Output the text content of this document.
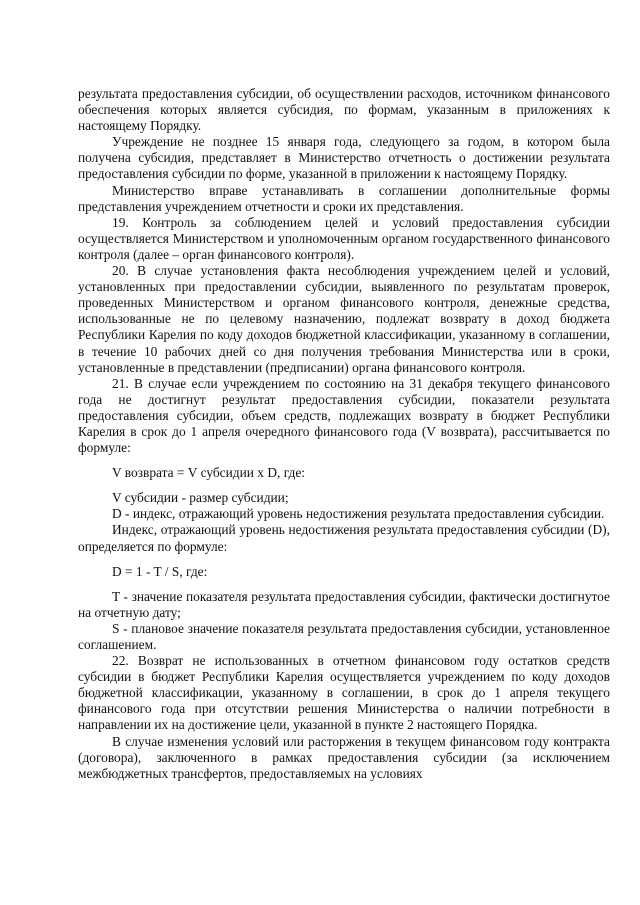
результата предоставления субсидии, об осуществлении расходов, источником финансового обеспечения которых является субсидия, по формам, указанным в приложениях к настоящему Порядку.

Учреждение не позднее 15 января года, следующего за годом, в котором была получена субсидия, представляет в Министерство отчетность о достижении результата предоставления субсидии по форме, указанной в приложении к настоящему Порядку.

Министерство вправе устанавливать в соглашении дополнительные формы представления учреждением отчетности и сроки их представления.

19. Контроль за соблюдением целей и условий предоставления субсидии осуществляется Министерством и уполномоченным органом государственного финансового контроля (далее – орган финансового контроля).

20. В случае установления факта несоблюдения учреждением целей и условий, установленных при предоставлении субсидии, выявленного по результатам проверок, проведенных Министерством и органом финансового контроля, денежные средства, использованные не по целевому назначению, подлежат возврату в доход бюджета Республики Карелия по коду доходов бюджетной классификации, указанному в соглашении, в течение 10 рабочих дней со дня получения требования Министерства или в сроки, установленные в представлении (предписании) органа финансового контроля.

21. В случае если учреждением по состоянию на 31 декабря текущего финансового года не достигнут результат предоставления субсидии, показатели результата предоставления субсидии, объем средств, подлежащих возврату в бюджет Республики Карелия в срок до 1 апреля очередного финансового года (V возврата), рассчитывается по формуле:

V возврата = V субсидии x D, где:

V субсидии - размер субсидии;

D - индекс, отражающий уровень недостижения результата предоставления субсидии.

Индекс, отражающий уровень недостижения результата предоставления субсидии (D), определяется по формуле:

D = 1 - T / S, где:

T - значение показателя результата предоставления субсидии, фактически достигнутое на отчетную дату;

S - плановое значение показателя результата предоставления субсидии, установленное соглашением.

22. Возврат не использованных в отчетном финансовом году остатков средств субсидии в бюджет Республики Карелия осуществляется учреждением по коду доходов бюджетной классификации, указанному в соглашении, в срок до 1 апреля текущего финансового года при отсутствии решения Министерства о наличии потребности в направлении их на достижение цели, указанной в пункте 2 настоящего Порядка.

В случае изменения условий или расторжения в текущем финансовом году контракта (договора), заключенного в рамках предоставления субсидии (за исключением межбюджетных трансфертов, предоставляемых на условиях
